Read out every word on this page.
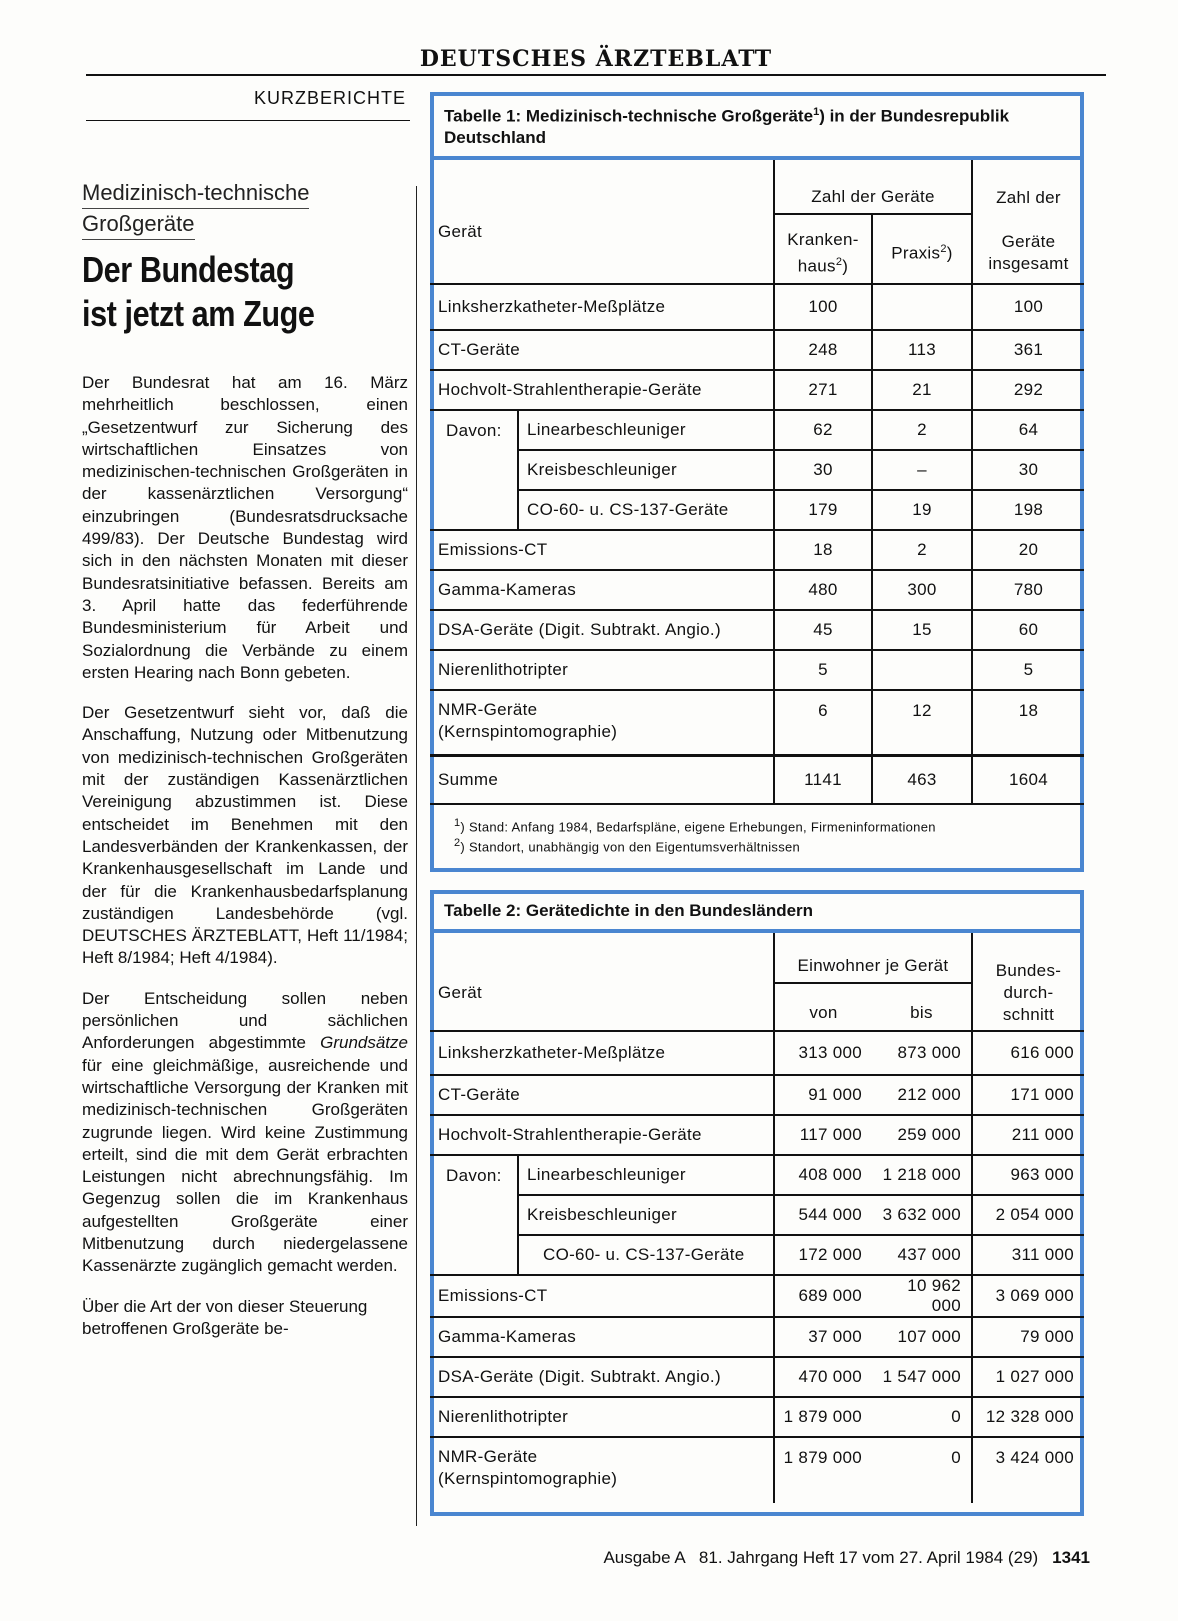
DEUTSCHES ÄRZTEBLATT
KURZBERICHTE
Medizinisch-technische
Großgeräte
Der Bundestag
ist jetzt am Zuge

Der Bundesrat hat am 16. März mehrheitlich beschlossen, einen „Gesetzentwurf zur Sicherung des wirtschaftlichen Einsatzes von medizinischen-technischen Großgeräten in der kassenärztlichen Versorgung“ einzubringen (Bundesratsdrucksache 499/83). Der Deutsche Bundestag wird sich in den nächsten Monaten mit dieser Bundesratsinitiative befassen. Bereits am 3. April hatte das federführende Bundesministerium für Arbeit und Sozialordnung die Verbände zu einem ersten Hearing nach Bonn gebeten.

Der Gesetzentwurf sieht vor, daß die Anschaffung, Nutzung oder Mitbenutzung von medizinisch-technischen Großgeräten mit der zuständigen Kassenärztlichen Vereinigung abzustimmen ist. Diese entscheidet im Benehmen mit den Landesverbänden der Krankenkassen, der Krankenhausgesellschaft im Lande und der für die Krankenhausbedarfsplanung zuständigen Landesbehörde (vgl. DEUTSCHES ÄRZTEBLATT, Heft 11/1984; Heft 8/1984; Heft 4/1984).

Der Entscheidung sollen neben persönlichen und sächlichen Anforderungen abgestimmte Grundsätze für eine gleichmäßige, ausreichende und wirtschaftliche Versorgung der Kranken mit medizinisch-technischen Großgeräten zugrunde liegen. Wird keine Zustimmung erteilt, sind die mit dem Gerät erbrachten Leistungen nicht abrechnungsfähig. Im Gegenzug sollen die im Krankenhaus aufgestellten Großgeräte einer Mitbenutzung durch niedergelassene Kassenärzte zugänglich gemacht werden.

Über die Art der von dieser Steuerung betroffenen Großgeräte be-

Tabelle 1: Medizinisch-technische Großgeräte$^1$) in der Bundesrepublik Deutschland
Gerät		Zahl der Geräte		Zahl der
		Kranken-
haus$^2$)	Praxis$^2$)	Geräte
insgesamt
Linksherzkatheter-Meßplätze		100		100
CT-Geräte		248	113	361
Hochvolt-Strahlentherapie-Geräte		271	21	292
Davon:	Linearbeschleuniger	62	2	64
	Kreisbeschleuniger	30	–	30
	CO-60- u. CS-137-Geräte	179	19	198
Emissions-CT		18	2	20
Gamma-Kameras		480	300	780
DSA-Geräte (Digit. Subtrakt. Angio.)		45	15	60
Nierenlithotripter		5		5
NMR-Geräte
(Kernspintomographie)		6	12	18
Summe		1141	463	1604
$^1$) Stand: Anfang 1984, Bedarfspläne, eigene Erhebungen, Firmeninformationen
$^2$) Standort, unabhängig von den Eigentumsverhältnissen
Tabelle 2: Gerätedichte in den Bundesländern
Gerät		Einwohner je Gerät		Bundes-
durch-
schnitt
		von	bis	
Linksherzkatheter-Meßplätze		313 000	873 000	616 000
CT-Geräte		91 000	212 000	171 000
Hochvolt-Strahlentherapie-Geräte		117 000	259 000	211 000
Davon:	Linearbeschleuniger	408 000	1 218 000	963 000
	Kreisbeschleuniger	544 000	3 632 000	2 054 000
	CO-60- u. CS-137-Geräte	172 000	437 000	311 000
Emissions-CT		689 000	10 962 000	3 069 000
Gamma-Kameras		37 000	107 000	79 000
DSA-Geräte (Digit. Subtrakt. Angio.)		470 000	1 547 000	1 027 000
Nierenlithotripter		1 879 000	0	12 328 000
NMR-Geräte
(Kernspintomographie)		1 879 000	0	3 424 000
Ausgabe A   81. Jahrgang Heft 17 vom 27. April 1984 (29) 1341
